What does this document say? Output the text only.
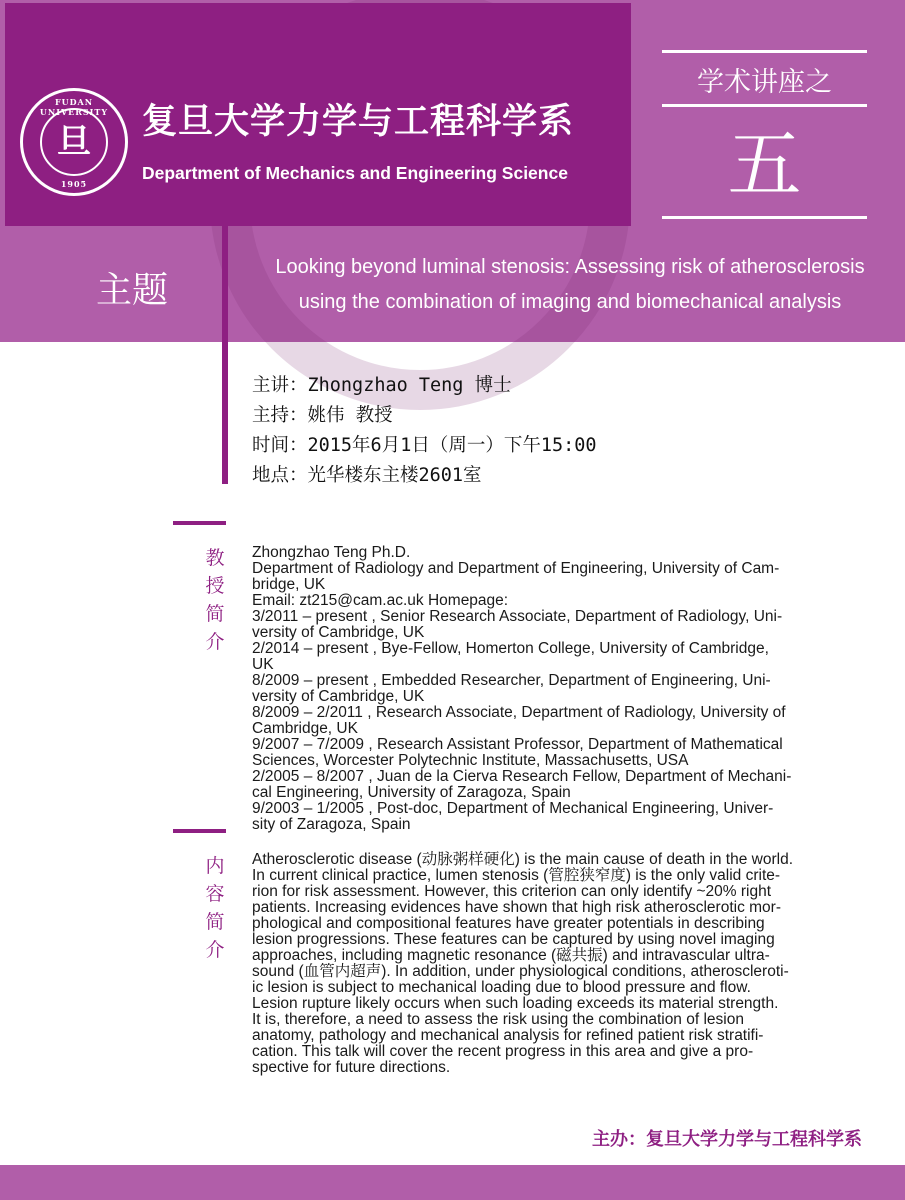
FUDAN UNIVERSITY
旦
1905
复旦大学力学与工程科学系
Department of Mechanics and Engineering Science
学术讲座之
五
主题
Looking beyond luminal stenosis: Assessing risk of atherosclerosis
using the combination of imaging and biomechanical analysis
主讲：Zhongzhao Teng 博士
主持：姚伟 教授
时间：2015年6月1日（周一）下午15:00
地点：光华楼东主楼2601室
教
授
简
介
Zhongzhao Teng Ph.D.
Department of Radiology and Department of Engineering, University of Cam-
bridge, UK
Email: zt215@cam.ac.uk Homepage:
3/2011 – present , Senior Research Associate, Department of Radiology, Uni-
versity of Cambridge, UK
2/2014 – present , Bye-Fellow, Homerton College, University of Cambridge,
UK
8/2009 – present , Embedded Researcher, Department of Engineering, Uni-
versity of Cambridge, UK
8/2009 – 2/2011 , Research Associate, Department of Radiology, University of
Cambridge, UK
9/2007 – 7/2009 , Research Assistant Professor, Department of Mathematical
Sciences, Worcester Polytechnic Institute, Massachusetts, USA
2/2005 – 8/2007 , Juan de la Cierva Research Fellow, Department of Mechani-
cal Engineering, University of Zaragoza, Spain
9/2003 – 1/2005 , Post-doc, Department of Mechanical Engineering, Univer-
sity of Zaragoza, Spain
内
容
简
介
Atherosclerotic disease (动脉粥样硬化) is the main cause of death in the world.
In current clinical practice, lumen stenosis (管腔狭窄度) is the only valid crite-
rion for risk assessment. However, this criterion can only identify ~20% right
patients. Increasing evidences have shown that high risk atherosclerotic mor-
phological and compositional features have greater potentials in describing
lesion progressions. These features can be captured by using novel imaging
approaches, including magnetic resonance (磁共振) and intravascular ultra-
sound (血管内超声). In addition, under physiological conditions, atheroscleroti-
ic lesion is subject to mechanical loading due to blood pressure and flow.
Lesion rupture likely occurs when such loading exceeds its material strength.
It is, therefore, a need to assess the risk using the combination of lesion
anatomy, pathology and mechanical analysis for refined patient risk stratifi-
cation. This talk will cover the recent progress in this area and give a pro-
spective for future directions.
主办：复旦大学力学与工程科学系
